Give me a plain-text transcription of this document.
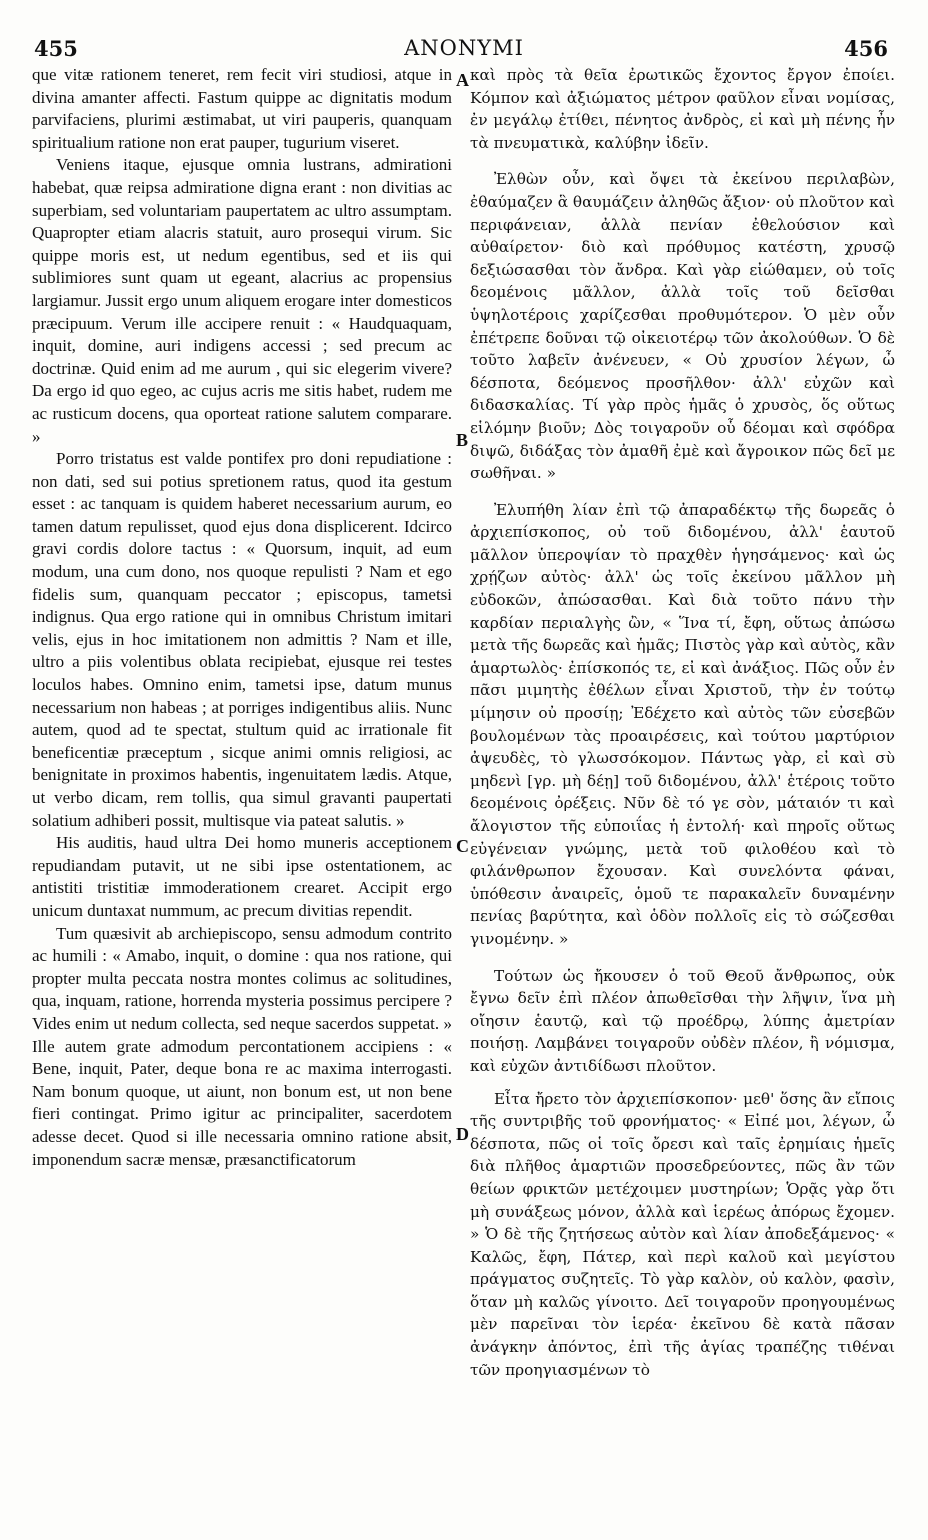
455	ANONYMI	456

que vitæ rationem teneret, rem fecit viri studiosi, atque in divina amanter affecti. Fastum quippe ac dignitatis modum parvifaciens, plurimi æstimabat, ut viri pauperis, quanquam spiritualium ratione non erat pauper, tugurium viseret.

Veniens itaque, ejusque omnia lustrans, admirationi habebat, quæ reipsa admiratione digna erant : non divitias ac superbiam, sed voluntariam paupertatem ac ultro assumptam. Quapropter etiam alacris statuit, auro prosequi virum. Sic quippe moris est, ut nedum egentibus, sed et iis qui sublimiores sunt quam ut egeant, alacrius ac propensius largiamur. Jussit ergo unum aliquem erogare inter domesticos præcipuum. Verum ille accipere renuit : « Haudquaquam, inquit, domine, auri indigens accessi ; sed precum ac doctrinæ. Quid enim ad me aurum , qui sic elegerim vivere? Da ergo id quo egeo, ac cujus acris me sitis habet, rudem me ac rusticum docens, qua oporteat ratione salutem comparare. »

Porro tristatus est valde pontifex pro doni repudiatione : non dati, sed sui potius spretionem ratus, quod ita gestum esset : ac tanquam is quidem haberet necessarium aurum, eo tamen datum repulisset, quod ejus dona displicerent. Idcirco gravi cordis dolore tactus : « Quorsum, inquit, ad eum modum, una cum dono, nos quoque repulisti ? Nam et ego fidelis sum, quanquam peccator ; episcopus, tametsi indignus. Qua ergo ratione qui in omnibus Christum imitari velis, ejus in hoc imitationem non admittis ? Nam et ille, ultro a piis volentibus oblata recipiebat, ejusque rei testes loculos habes. Omnino enim, tametsi ipse, datum munus necessarium non habeas ; at porriges indigentibus aliis. Nunc autem, quod ad te spectat, stultum quid ac irrationale fit beneficentiæ præceptum , sicque animi omnis religiosi, ac benignitate in proximos habentis, ingenuitatem lædis. Atque, ut verbo dicam, rem tollis, qua simul gravanti paupertati solatium adhiberi possit, multisque via pateat salutis. »

His auditis, haud ultra Dei homo muneris acceptionem repudiandam putavit, ut ne sibi ipse ostentationem, ac antistiti tristitiæ immoderationem crearet. Accipit ergo unicum duntaxat nummum, ac precum divitias rependit.

Tum quæsivit ab archiepiscopo, sensu admodum contrito ac humili : « Amabo, inquit, o domine : qua nos ratione, qui propter multa peccata nostra montes colimus ac solitudines, qua, inquam, ratione, horrenda mysteria possimus percipere ? Vides enim ut nedum collecta, sed neque sacerdos suppetat. » Ille autem grate admodum percontationem accipiens : « Bene, inquit, Pater, deque bona re ac maxima interrogasti. Nam bonum quoque, ut aiunt, non bonum est, ut non bene fieri contingat. Primo igitur ac principaliter, sacerdotem adesse decet. Quod si ille necessaria omnino ratione absit, imponendum sacræ mensæ, præsanctificatorum

A
B
C
D

καὶ πρὸς τὰ θεῖα ἐρωτικῶς ἔχοντος ἔργον ἐποίει. Κόμπον καὶ ἀξιώματος μέτρον φαῦλον εἶναι νομίσας, ἐν μεγάλῳ ἐτίθει, πένητος ἀνδρὸς, εἰ καὶ μὴ πένης ἦν τὰ πνευματικὰ, καλύβην ἰδεῖν.

Ἐλθὼν οὖν, καὶ ὄψει τὰ ἐκείνου περιλαβὼν, ἐθαύμαζεν ἃ θαυμάζειν ἀληθῶς ἄξιον· οὐ πλοῦτον καὶ περιφάνειαν, ἀλλὰ πενίαν ἐθελούσιον καὶ αὐθαίρετον· διὸ καὶ πρόθυμος κατέστη, χρυσῷ δεξιώσασθαι τὸν ἄνδρα. Καὶ γὰρ εἰώθαμεν, οὐ τοῖς δεομένοις μᾶλλον, ἀλλὰ τοῖς τοῦ δεῖσθαι ὑψηλοτέροις χαρίζεσθαι προθυμότερον. Ὁ μὲν οὖν ἐπέτρεπε δοῦναι τῷ οἰκειοτέρῳ τῶν ἀκολούθων. Ὁ δὲ τοῦτο λαβεῖν ἀνένευεν, « Οὐ χρυσίον λέγων, ὦ δέσποτα, δεόμενος προσῆλθον· ἀλλ' εὐχῶν καὶ διδασκαλίας. Τί γὰρ πρὸς ἡμᾶς ὁ χρυσὸς, ὅς οὕτως εἱλόμην βιοῦν; Δὸς τοιγαροῦν οὗ δέομαι καὶ σφόδρα διψῶ, διδάξας τὸν ἀμαθῆ ἐμὲ καὶ ἄγροικον πῶς δεῖ με σωθῆναι. »

Ἐλυπήθη λίαν ἐπὶ τῷ ἀπαραδέκτῳ τῆς δωρεᾶς ὁ ἀρχιεπίσκοπος, οὐ τοῦ διδομένου, ἀλλ' ἑαυτοῦ μᾶλλον ὑπεροψίαν τὸ πραχθὲν ἡγησάμενος· καὶ ὡς χρῄζων αὐτὸς· ἀλλ' ὡς τοῖς ἐκείνου μᾶλλον μὴ εὐδοκῶν, ἀπώσασθαι. Καὶ διὰ τοῦτο πάνυ τὴν καρδίαν περιαλγὴς ὢν, « Ἵνα τί, ἔφη, οὕτως ἀπώσω μετὰ τῆς δωρεᾶς καὶ ἡμᾶς; Πιστὸς γὰρ καὶ αὐτὸς, κἂν ἁμαρτωλὸς· ἐπίσκοπός τε, εἰ καὶ ἀνάξιος. Πῶς οὖν ἐν πᾶσι μιμητὴς ἐθέλων εἶναι Χριστοῦ, τὴν ἐν τούτῳ μίμησιν οὐ προσίῃ; Ἐδέχετο καὶ αὐτὸς τῶν εὐσεβῶν βουλομένων τὰς προαιρέσεις, καὶ τούτου μαρτύριον ἀψευδὲς, τὸ γλωσσόκομον. Πάντως γὰρ, εἰ καὶ σὺ μηδενὶ [γρ. μὴ δέῃ] τοῦ διδομένου, ἀλλ' ἑτέροις τοῦτο δεομένοις ὀρέξεις. Νῦν δὲ τό γε σὸν, μάταιόν τι καὶ ἄλογιστον τῆς εὐποιΐας ἡ ἐντολή· καὶ πηροῖς οὕτως εὐγένειαν γνώμης, μετὰ τοῦ φιλοθέου καὶ τὸ φιλάνθρωπον ἔχουσαν. Καὶ συνελόντα φάναι, ὑπόθεσιν ἀναιρεῖς, ὁμοῦ τε παρακαλεῖν δυναμένην πενίας βαρύτητα, καὶ ὁδὸν πολλοῖς εἰς τὸ σώζεσθαι γινομένην. »

Τούτων ὡς ἤκουσεν ὁ τοῦ Θεοῦ ἄνθρωπος, οὐκ ἔγνω δεῖν ἐπὶ πλέον ἀπωθεῖσθαι τὴν λῆψιν, ἵνα μὴ οἴησιν ἑαυτῷ, καὶ τῷ προέδρῳ, λύπης ἀμετρίαν ποιήσῃ. Λαμβάνει τοιγαροῦν οὐδὲν πλέον, ἢ νόμισμα, καὶ εὐχῶν ἀντιδίδωσι πλοῦτον.

Εἶτα ἤρετο τὸν ἀρχιεπίσκοπον· μεθ' ὅσης ἂν εἴποις τῆς συντριβῆς τοῦ φρονήματος· « Εἰπέ μοι, λέγων, ὦ δέσποτα, πῶς οἱ τοῖς ὄρεσι καὶ ταῖς ἐρημίαις ἡμεῖς διὰ πλῆθος ἁμαρτιῶν προσεδρεύοντες, πῶς ἂν τῶν θείων φρικτῶν μετέχοιμεν μυστηρίων; Ὁρᾷς γὰρ ὅτι μὴ συνάξεως μόνον, ἀλλὰ καὶ ἱερέως ἀπόρως ἔχομεν. » Ὁ δὲ τῆς ζητήσεως αὐτὸν καὶ λίαν ἀποδεξάμενος· « Καλῶς, ἔφη, Πάτερ, καὶ περὶ καλοῦ καὶ μεγίστου πράγματος συζητεῖς. Τὸ γὰρ καλὸν, οὐ καλὸν, φασὶν, ὅταν μὴ καλῶς γίνοιτο. Δεῖ τοιγαροῦν προηγουμένως μὲν παρεῖναι τὸν ἱερέα· ἐκεῖνου δὲ κατὰ πᾶσαν ἀνάγκην ἀπόντος, ἐπὶ τῆς ἁγίας τραπέζης τιθέναι τῶν προηγιασμένων τὸ
